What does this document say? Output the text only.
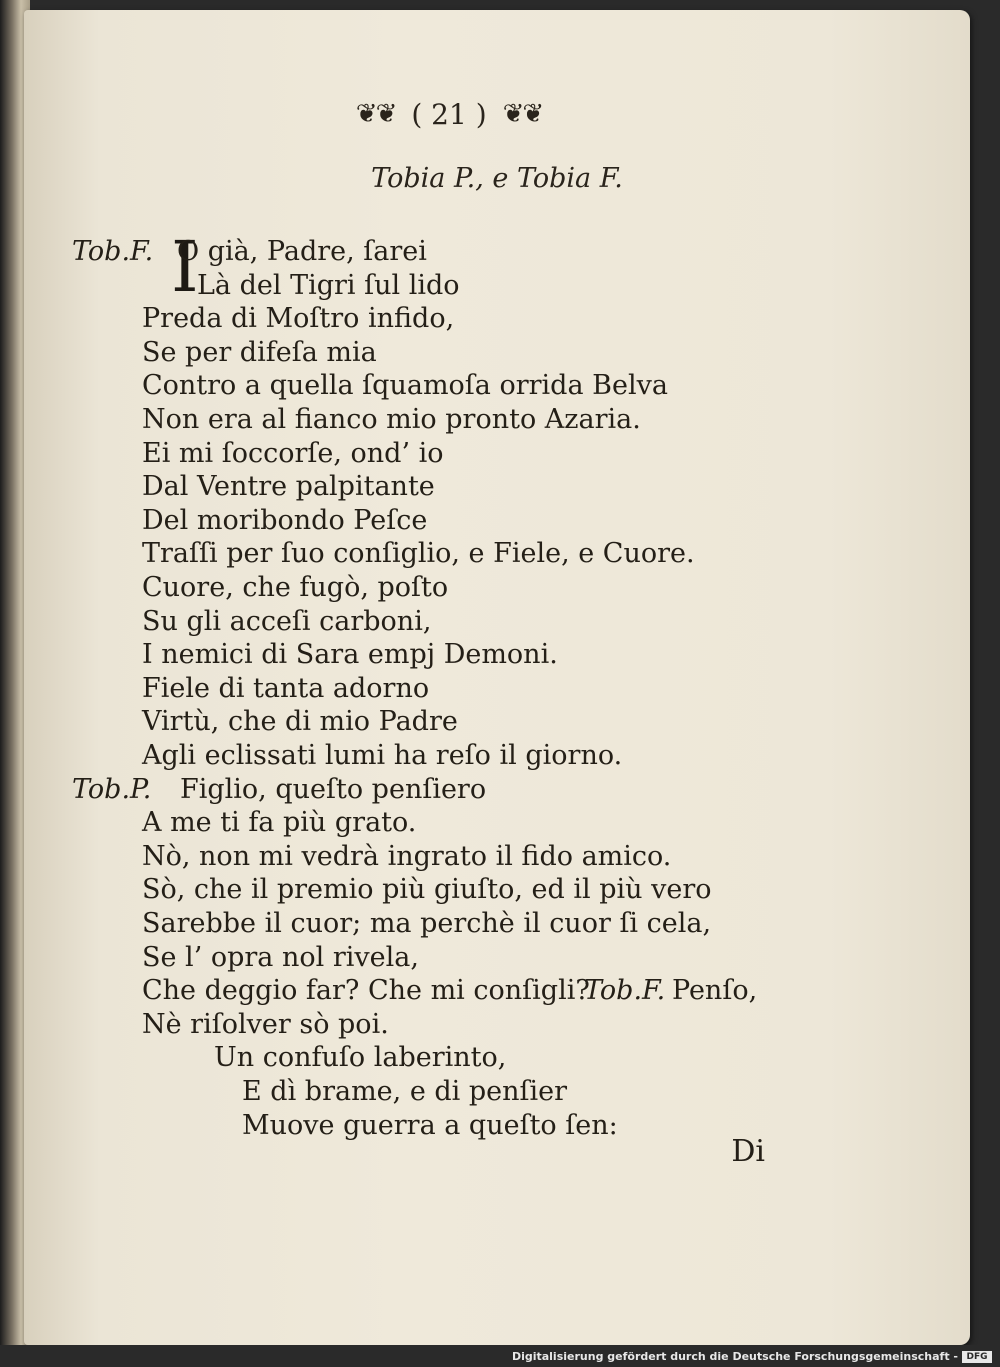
❦❦ ( 21 ) ❦❦
Tobia P., e Tobia F.
I
Tob.F. O già, Padre, ſarei
Là del Tigri ſul lido
Preda di Moſtro infido,
Se per difeſa mia
Contro a quella ſquamoſa orrida Belva
Non era al fianco mio pronto Azaria.
Ei mi ſoccorſe, ond’ io
Dal Ventre palpitante
Del moribondo Peſce
Traſſi per ſuo conſiglio, e Fiele, e Cuore.
Cuore, che fugò, poſto
Su gli acceſi carboni,
I nemici di Sara empj Demoni.
Fiele di tanta adorno
Virtù, che di mio Padre
Agli eclissati lumi ha reſo il giorno.
Tob.P. Figlio, queſto penſiero
A me ti fa più grato.
Nò, non mi vedrà ingrato il fido amico.
Sò, che il premio più giuſto, ed il più vero
Sarebbe il cuor; ma perchè il cuor ſi cela,
Se l’ opra nol rivela,
Che deggio far? Che mi conſigli?
Tob.F. Penſo,
Nè riſolver sò poi.
Un confuſo laberinto,
E dì brame, e di penſier
Muove guerra a queſto ſen:
Di
Digitalisierung gefördert durch die Deutsche Forschungsgemeinschaft - DFG
